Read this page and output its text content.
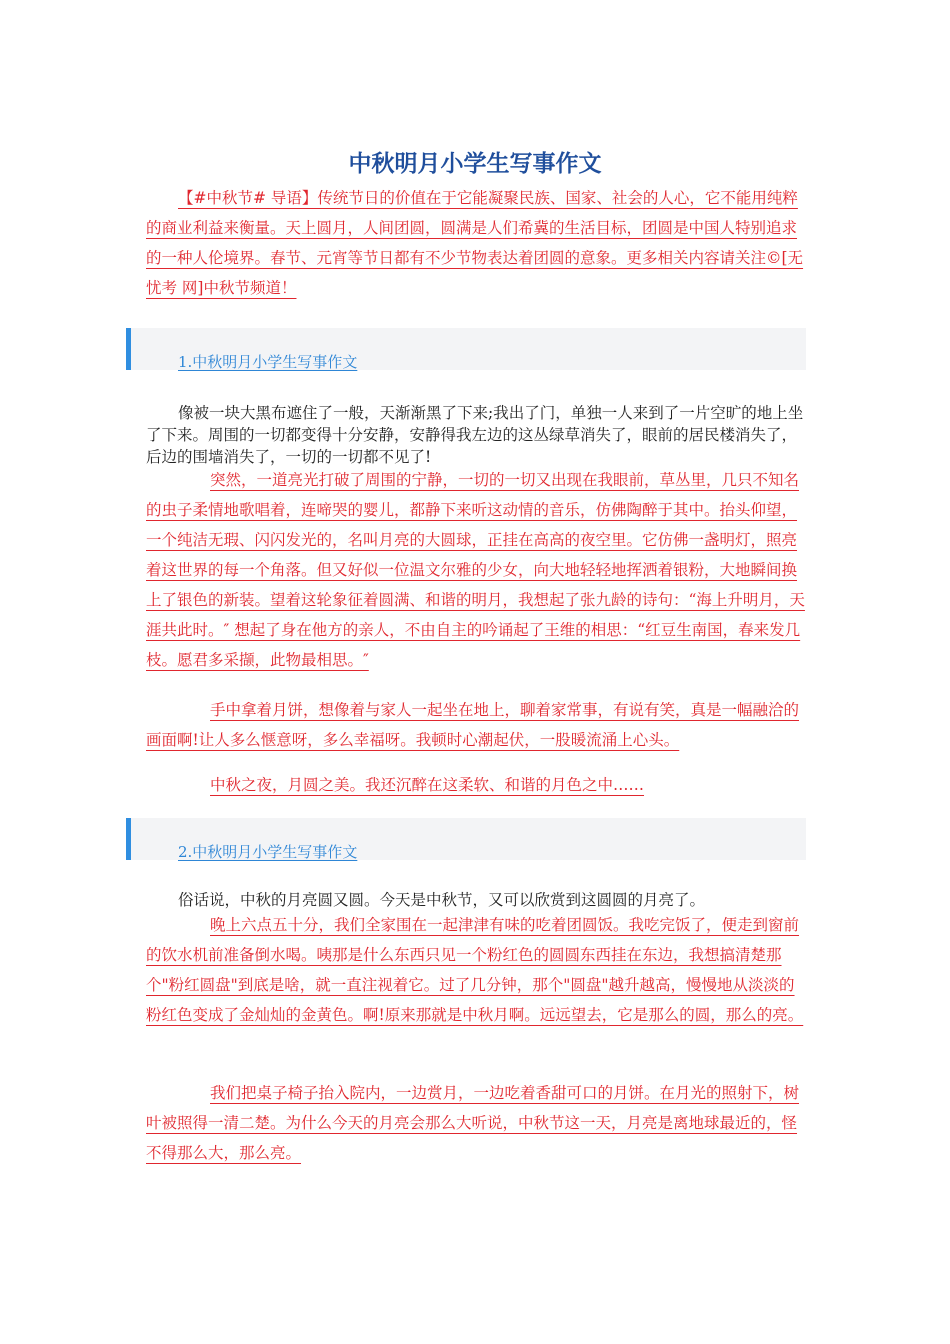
中秋明月小学生写事作文

【#中秋节# 导语】传统节日的价值在于它能凝聚民族、国家、社会的人心，它不能用纯粹的商业利益来衡量。天上圆月，人间团圆，圆满是人们希冀的生活目标，团圆是中国人特别追求的一种人伦境界。春节、元宵等节日都有不少节物表达着团圆的意象。更多相关内容请关注©[无忧考 网]中秋节频道！

1.中秋明月小学生写事作文

像被一块大黑布遮住了一般，天渐渐黑了下来;我出了门，单独一人来到了一片空旷的地上坐了下来。周围的一切都变得十分安静，安静得我左边的这丛绿草消失了，眼前的居民楼消失了，后边的围墙消失了，一切的一切都不见了!

突然，一道亮光打破了周围的宁静，一切的一切又出现在我眼前，草丛里，几只不知名的虫子柔情地歌唱着，连啼哭的婴儿，都静下来听这动情的音乐，仿佛陶醉于其中。抬头仰望，一个纯洁无瑕、闪闪发光的，名叫月亮的大圆球，正挂在高高的夜空里。它仿佛一盏明灯，照亮着这世界的每一个角落。但又好似一位温文尔雅的少女，向大地轻轻地挥洒着银粉，大地瞬间换上了银色的新装。望着这轮象征着圆满、和谐的明月，我想起了张九龄的诗句：“海上升明月，天涯共此时。″ 想起了身在他方的亲人，不由自主的吟诵起了王维的相思：“红豆生南国，春来发几枝。愿君多采撷，此物最相思。″

手中拿着月饼，想像着与家人一起坐在地上，聊着家常事，有说有笑，真是一幅融洽的画面啊!让人多么惬意呀，多么幸福呀。我顿时心潮起伏，一股暖流涌上心头。

中秋之夜，月圆之美。我还沉醉在这柔软、和谐的月色之中……

2.中秋明月小学生写事作文

俗话说，中秋的月亮圆又圆。今天是中秋节，又可以欣赏到这圆圆的月亮了。

晚上六点五十分，我们全家围在一起津津有味的吃着团圆饭。我吃完饭了，便走到窗前的饮水机前准备倒水喝。咦那是什么东西只见一个粉红色的圆圆东西挂在东边，我想搞清楚那个"粉红圆盘"到底是啥，就一直注视着它。过了几分钟，那个"圆盘"越升越高，慢慢地从淡淡的粉红色变成了金灿灿的金黄色。啊!原来那就是中秋月啊。远远望去，它是那么的圆，那么的亮。

我们把桌子椅子抬入院内，一边赏月，一边吃着香甜可口的月饼。在月光的照射下，树叶被照得一清二楚。为什么今天的月亮会那么大听说，中秋节这一天，月亮是离地球最近的，怪不得那么大，那么亮。
